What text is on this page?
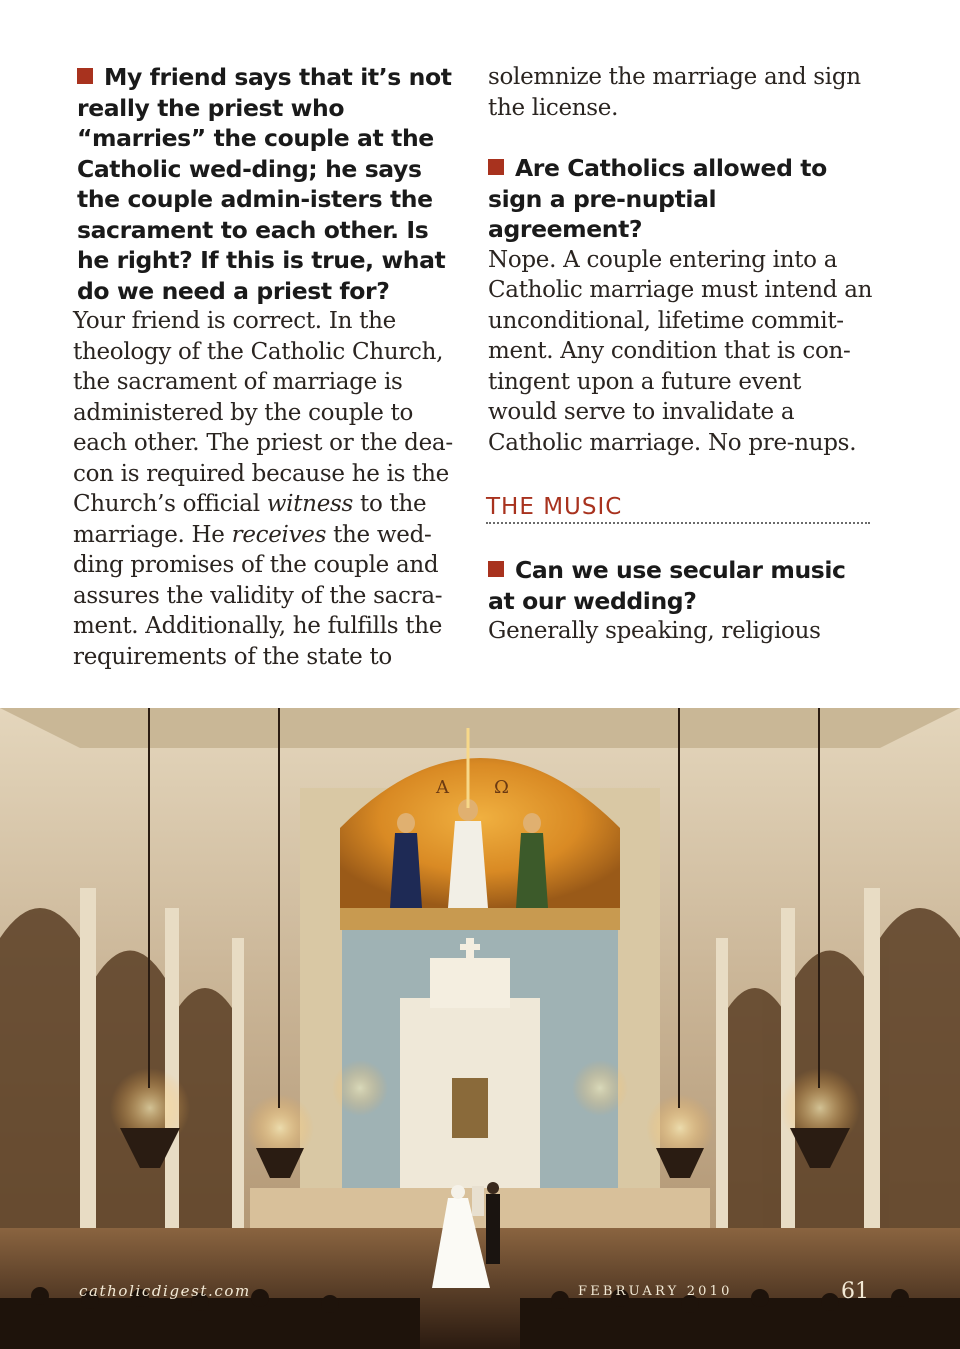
My friend says that it’s not really the priest who “marries” the couple at the Catholic wed-ding; he says the couple admin-isters the sacrament to each other. Is he right? If this is true, what do we need a priest for?

Your friend is correct. In the theology of the Catholic Church, the sacrament of marriage is administered by the couple to each other. The priest or the dea-con is required because he is the Church’s official witness to the marriage. He receives the wed-ding promises of the couple and assures the validity of the sacra-ment. Additionally, he fulfills the requirements of the state to

solemnize the marriage and sign the license.

Are Catholics allowed to sign a pre-nuptial agreement?

Nope. A couple entering into a Catholic marriage must intend an unconditional, lifetime commit-ment. Any condition that is con-tingent upon a future event would serve to invalidate a Catholic marriage. No pre-nups.

THE MUSIC

Can we use secular music at our wedding?

Generally speaking, religious

A	Ω
catholicdigest.com	FEBRUARY 2010	61
